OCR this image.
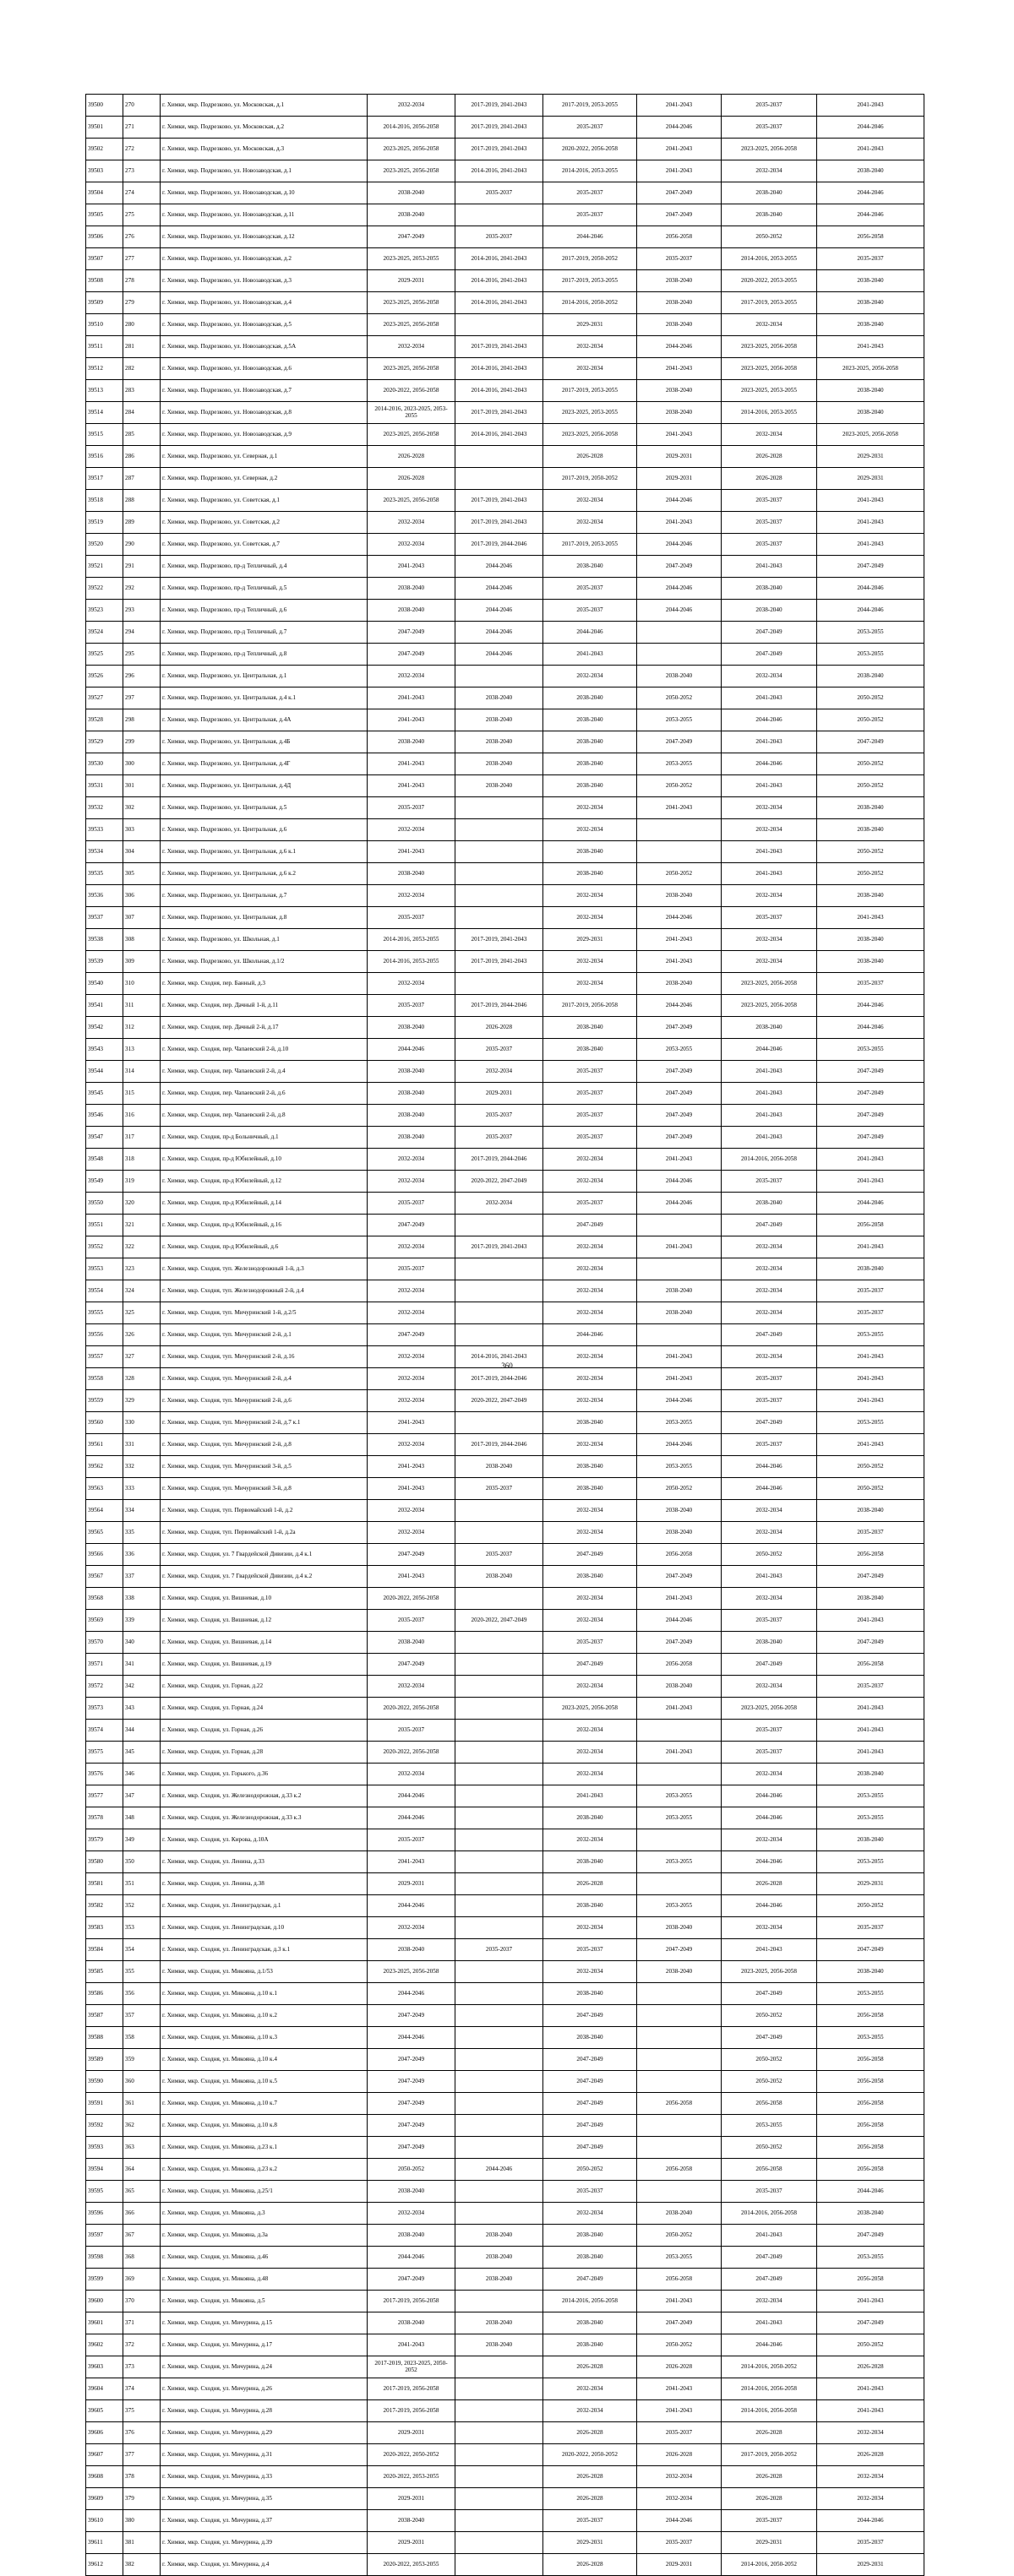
39500	270	г. Химки, мкр. Подрезково, ул. Московская, д.1	2032-2034	2017-2019, 2041-2043	2017-2019, 2053-2055	2041-2043	2035-2037	2041-2043
39501	271	г. Химки, мкр. Подрезково, ул. Московская, д.2	2014-2016, 2056-2058	2017-2019, 2041-2043	2035-2037	2044-2046	2035-2037	2044-2046
39502	272	г. Химки, мкр. Подрезково, ул. Московская, д.3	2023-2025, 2056-2058	2017-2019, 2041-2043	2020-2022, 2056-2058	2041-2043	2023-2025, 2056-2058	2041-2043
39503	273	г. Химки, мкр. Подрезково, ул. Новозаводская, д.1	2023-2025, 2056-2058	2014-2016, 2041-2043	2014-2016, 2053-2055	2041-2043	2032-2034	2038-2040
39504	274	г. Химки, мкр. Подрезково, ул. Новозаводская, д.10	2038-2040	2035-2037	2035-2037	2047-2049	2038-2040	2044-2046
39505	275	г. Химки, мкр. Подрезково, ул. Новозаводская, д.11	2038-2040		2035-2037	2047-2049	2038-2040	2044-2046
39506	276	г. Химки, мкр. Подрезково, ул. Новозаводская, д.12	2047-2049	2035-2037	2044-2046	2056-2058	2050-2052	2056-2058
39507	277	г. Химки, мкр. Подрезково, ул. Новозаводская, д.2	2023-2025, 2053-2055	2014-2016, 2041-2043	2017-2019, 2050-2052	2035-2037	2014-2016, 2053-2055	2035-2037
39508	278	г. Химки, мкр. Подрезково, ул. Новозаводская, д.3	2029-2031	2014-2016, 2041-2043	2017-2019, 2053-2055	2038-2040	2020-2022, 2053-2055	2038-2040
39509	279	г. Химки, мкр. Подрезково, ул. Новозаводская, д.4	2023-2025, 2056-2058	2014-2016, 2041-2043	2014-2016, 2050-2052	2038-2040	2017-2019, 2053-2055	2038-2040
39510	280	г. Химки, мкр. Подрезково, ул. Новозаводская, д.5	2023-2025, 2056-2058		2029-2031	2038-2040	2032-2034	2038-2040
39511	281	г. Химки, мкр. Подрезково, ул. Новозаводская, д.5А	2032-2034	2017-2019, 2041-2043	2032-2034	2044-2046	2023-2025, 2056-2058	2041-2043
39512	282	г. Химки, мкр. Подрезково, ул. Новозаводская, д.6	2023-2025, 2056-2058	2014-2016, 2041-2043	2032-2034	2041-2043	2023-2025, 2056-2058	2023-2025, 2056-2058
39513	283	г. Химки, мкр. Подрезково, ул. Новозаводская, д.7	2020-2022, 2056-2058	2014-2016, 2041-2043	2017-2019, 2053-2055	2038-2040	2023-2025, 2053-2055	2038-2040
39514	284	г. Химки, мкр. Подрезково, ул. Новозаводская, д.8	2014-2016, 2023-2025, 2053-2055	2017-2019, 2041-2043	2023-2025, 2053-2055	2038-2040	2014-2016, 2053-2055	2038-2040
39515	285	г. Химки, мкр. Подрезково, ул. Новозаводская, д.9	2023-2025, 2056-2058	2014-2016, 2041-2043	2023-2025, 2056-2058	2041-2043	2032-2034	2023-2025, 2056-2058
39516	286	г. Химки, мкр. Подрезково, ул. Северная, д.1	2026-2028		2026-2028	2029-2031	2026-2028	2029-2031
39517	287	г. Химки, мкр. Подрезково, ул. Северная, д.2	2026-2028		2017-2019, 2050-2052	2029-2031	2026-2028	2029-2031
39518	288	г. Химки, мкр. Подрезково, ул. Советская, д.1	2023-2025, 2056-2058	2017-2019, 2041-2043	2032-2034	2044-2046	2035-2037	2041-2043
39519	289	г. Химки, мкр. Подрезково, ул. Советская, д.2	2032-2034	2017-2019, 2041-2043	2032-2034	2041-2043	2035-2037	2041-2043
39520	290	г. Химки, мкр. Подрезково, ул. Советская, д.7	2032-2034	2017-2019, 2044-2046	2017-2019, 2053-2055	2044-2046	2035-2037	2041-2043
39521	291	г. Химки, мкр. Подрезково, пр-д Тепличный, д.4	2041-2043	2044-2046	2038-2040	2047-2049	2041-2043	2047-2049
39522	292	г. Химки, мкр. Подрезково, пр-д Тепличный, д.5	2038-2040	2044-2046	2035-2037	2044-2046	2038-2040	2044-2046
39523	293	г. Химки, мкр. Подрезково, пр-д Тепличный, д.6	2038-2040	2044-2046	2035-2037	2044-2046	2038-2040	2044-2046
39524	294	г. Химки, мкр. Подрезково, пр-д Тепличный, д.7	2047-2049	2044-2046	2044-2046		2047-2049	2053-2055
39525	295	г. Химки, мкр. Подрезково, пр-д Тепличный, д.8	2047-2049	2044-2046	2041-2043		2047-2049	2053-2055
39526	296	г. Химки, мкр. Подрезково, ул. Центральная, д.1	2032-2034		2032-2034	2038-2040	2032-2034	2038-2040
39527	297	г. Химки, мкр. Подрезково, ул. Центральная, д.4 к.1	2041-2043	2038-2040	2038-2040	2050-2052	2041-2043	2050-2052
39528	298	г. Химки, мкр. Подрезково, ул. Центральная, д.4А	2041-2043	2038-2040	2038-2040	2053-2055	2044-2046	2050-2052
39529	299	г. Химки, мкр. Подрезково, ул. Центральная, д.4Б	2038-2040	2038-2040	2038-2040	2047-2049	2041-2043	2047-2049
39530	300	г. Химки, мкр. Подрезково, ул. Центральная, д.4Г	2041-2043	2038-2040	2038-2040	2053-2055	2044-2046	2050-2052
39531	301	г. Химки, мкр. Подрезково, ул. Центральная, д.4Д	2041-2043	2038-2040	2038-2040	2050-2052	2041-2043	2050-2052
39532	302	г. Химки, мкр. Подрезково, ул. Центральная, д.5	2035-2037		2032-2034	2041-2043	2032-2034	2038-2040
39533	303	г. Химки, мкр. Подрезково, ул. Центральная, д.6	2032-2034		2032-2034		2032-2034	2038-2040
39534	304	г. Химки, мкр. Подрезково, ул. Центральная, д.6 к.1	2041-2043		2038-2040		2041-2043	2050-2052
39535	305	г. Химки, мкр. Подрезково, ул. Центральная, д.6 к.2	2038-2040		2038-2040	2050-2052	2041-2043	2050-2052
39536	306	г. Химки, мкр. Подрезково, ул. Центральная, д.7	2032-2034		2032-2034	2038-2040	2032-2034	2038-2040
39537	307	г. Химки, мкр. Подрезково, ул. Центральная, д.8	2035-2037		2032-2034	2044-2046	2035-2037	2041-2043
39538	308	г. Химки, мкр. Подрезково, ул. Школьная, д.1	2014-2016, 2053-2055	2017-2019, 2041-2043	2029-2031	2041-2043	2032-2034	2038-2040
39539	309	г. Химки, мкр. Подрезково, ул. Школьная, д.1/2	2014-2016, 2053-2055	2017-2019, 2041-2043	2032-2034	2041-2043	2032-2034	2038-2040
39540	310	г. Химки, мкр. Сходня, пер. Банный, д.3	2032-2034		2032-2034	2038-2040	2023-2025, 2056-2058	2035-2037
39541	311	г. Химки, мкр. Сходня, пер. Дачный 1-й, д.11	2035-2037	2017-2019, 2044-2046	2017-2019, 2056-2058	2044-2046	2023-2025, 2056-2058	2044-2046
39542	312	г. Химки, мкр. Сходня, пер. Дачный 2-й, д.17	2038-2040	2026-2028	2038-2040	2047-2049	2038-2040	2044-2046
39543	313	г. Химки, мкр. Сходня, пер. Чапаевский 2-й, д.10	2044-2046	2035-2037	2038-2040	2053-2055	2044-2046	2053-2055
39544	314	г. Химки, мкр. Сходня, пер. Чапаевский 2-й, д.4	2038-2040	2032-2034	2035-2037	2047-2049	2041-2043	2047-2049
39545	315	г. Химки, мкр. Сходня, пер. Чапаевский 2-й, д.6	2038-2040	2029-2031	2035-2037	2047-2049	2041-2043	2047-2049
39546	316	г. Химки, мкр. Сходня, пер. Чапаевский 2-й, д.8	2038-2040	2035-2037	2035-2037	2047-2049	2041-2043	2047-2049
39547	317	г. Химки, мкр. Сходня, пр-д Больничный, д.1	2038-2040	2035-2037	2035-2037	2047-2049	2041-2043	2047-2049
39548	318	г. Химки, мкр. Сходня, пр-д Юбилейный, д.10	2032-2034	2017-2019, 2044-2046	2032-2034	2041-2043	2014-2016, 2056-2058	2041-2043
39549	319	г. Химки, мкр. Сходня, пр-д Юбилейный, д.12	2032-2034	2020-2022, 2047-2049	2032-2034	2044-2046	2035-2037	2041-2043
39550	320	г. Химки, мкр. Сходня, пр-д Юбилейный, д.14	2035-2037	2032-2034	2035-2037	2044-2046	2038-2040	2044-2046
39551	321	г. Химки, мкр. Сходня, пр-д Юбилейный, д.16	2047-2049		2047-2049		2047-2049	2056-2058
39552	322	г. Химки, мкр. Сходня, пр-д Юбилейный, д.6	2032-2034	2017-2019, 2041-2043	2032-2034	2041-2043	2032-2034	2041-2043
39553	323	г. Химки, мкр. Сходня, туп. Железнодорожный 1-й, д.3	2035-2037		2032-2034		2032-2034	2038-2040
39554	324	г. Химки, мкр. Сходня, туп. Железнодорожный 2-й, д.4	2032-2034		2032-2034	2038-2040	2032-2034	2035-2037
39555	325	г. Химки, мкр. Сходня, туп. Мичуринский 1-й, д.2/5	2032-2034		2032-2034	2038-2040	2032-2034	2035-2037
39556	326	г. Химки, мкр. Сходня, туп. Мичуринский 2-й, д.1	2047-2049		2044-2046		2047-2049	2053-2055
39557	327	г. Химки, мкр. Сходня, туп. Мичуринский 2-й, д.16	2032-2034	2014-2016, 2041-2043	2032-2034	2041-2043	2032-2034	2041-2043
39558	328	г. Химки, мкр. Сходня, туп. Мичуринский 2-й, д.4	2032-2034	2017-2019, 2044-2046	2032-2034	2041-2043	2035-2037	2041-2043
39559	329	г. Химки, мкр. Сходня, туп. Мичуринский 2-й, д.6	2032-2034	2020-2022, 2047-2049	2032-2034	2044-2046	2035-2037	2041-2043
39560	330	г. Химки, мкр. Сходня, туп. Мичуринский 2-й, д.7 к.1	2041-2043		2038-2040	2053-2055	2047-2049	2053-2055
39561	331	г. Химки, мкр. Сходня, туп. Мичуринский 2-й, д.8	2032-2034	2017-2019, 2044-2046	2032-2034	2044-2046	2035-2037	2041-2043
39562	332	г. Химки, мкр. Сходня, туп. Мичуринский 3-й, д.5	2041-2043	2038-2040	2038-2040	2053-2055	2044-2046	2050-2052
39563	333	г. Химки, мкр. Сходня, туп. Мичуринский 3-й, д.8	2041-2043	2035-2037	2038-2040	2050-2052	2044-2046	2050-2052
39564	334	г. Химки, мкр. Сходня, туп. Первомайский 1-й, д.2	2032-2034		2032-2034	2038-2040	2032-2034	2038-2040
39565	335	г. Химки, мкр. Сходня, туп. Первомайский 1-й, д.2а	2032-2034		2032-2034	2038-2040	2032-2034	2035-2037
39566	336	г. Химки, мкр. Сходня, ул. 7 Гвардейской Дивизии, д.4 к.1	2047-2049	2035-2037	2047-2049	2056-2058	2050-2052	2056-2058
39567	337	г. Химки, мкр. Сходня, ул. 7 Гвардейской Дивизии, д.4 к.2	2041-2043	2038-2040	2038-2040	2047-2049	2041-2043	2047-2049
39568	338	г. Химки, мкр. Сходня, ул. Вишневая, д.10	2020-2022, 2056-2058		2032-2034	2041-2043	2032-2034	2038-2040
39569	339	г. Химки, мкр. Сходня, ул. Вишневая, д.12	2035-2037	2020-2022, 2047-2049	2032-2034	2044-2046	2035-2037	2041-2043
39570	340	г. Химки, мкр. Сходня, ул. Вишневая, д.14	2038-2040		2035-2037	2047-2049	2038-2040	2047-2049
39571	341	г. Химки, мкр. Сходня, ул. Вишневая, д.19	2047-2049		2047-2049	2056-2058	2047-2049	2056-2058
39572	342	г. Химки, мкр. Сходня, ул. Горная, д.22	2032-2034		2032-2034	2038-2040	2032-2034	2035-2037
39573	343	г. Химки, мкр. Сходня, ул. Горная, д.24	2020-2022, 2056-2058		2023-2025, 2056-2058	2041-2043	2023-2025, 2056-2058	2041-2043
39574	344	г. Химки, мкр. Сходня, ул. Горная, д.26	2035-2037		2032-2034		2035-2037	2041-2043
39575	345	г. Химки, мкр. Сходня, ул. Горная, д.28	2020-2022, 2056-2058		2032-2034	2041-2043	2035-2037	2041-2043
39576	346	г. Химки, мкр. Сходня, ул. Горького, д.36	2032-2034		2032-2034		2032-2034	2038-2040
39577	347	г. Химки, мкр. Сходня, ул. Железнодорожная, д.33 к.2	2044-2046		2041-2043	2053-2055	2044-2046	2053-2055
39578	348	г. Химки, мкр. Сходня, ул. Железнодорожная, д.33 к.3	2044-2046		2038-2040	2053-2055	2044-2046	2053-2055
39579	349	г. Химки, мкр. Сходня, ул. Кирова, д.10А	2035-2037		2032-2034		2032-2034	2038-2040
39580	350	г. Химки, мкр. Сходня, ул. Ленина, д.33	2041-2043		2038-2040	2053-2055	2044-2046	2053-2055
39581	351	г. Химки, мкр. Сходня, ул. Ленина, д.38	2029-2031		2026-2028		2026-2028	2029-2031
39582	352	г. Химки, мкр. Сходня, ул. Ленинградская, д.1	2044-2046		2038-2040	2053-2055	2044-2046	2050-2052
39583	353	г. Химки, мкр. Сходня, ул. Ленинградская, д.10	2032-2034		2032-2034	2038-2040	2032-2034	2035-2037
39584	354	г. Химки, мкр. Сходня, ул. Ленинградская, д.3 к.1	2038-2040	2035-2037	2035-2037	2047-2049	2041-2043	2047-2049
39585	355	г. Химки, мкр. Сходня, ул. Микояна, д.1/53	2023-2025, 2056-2058		2032-2034	2038-2040	2023-2025, 2056-2058	2038-2040
39586	356	г. Химки, мкр. Сходня, ул. Микояна, д.10 к.1	2044-2046		2038-2040		2047-2049	2053-2055
39587	357	г. Химки, мкр. Сходня, ул. Микояна, д.10 к.2	2047-2049		2047-2049		2050-2052	2056-2058
39588	358	г. Химки, мкр. Сходня, ул. Микояна, д.10 к.3	2044-2046		2038-2040		2047-2049	2053-2055
39589	359	г. Химки, мкр. Сходня, ул. Микояна, д.10 к.4	2047-2049		2047-2049		2050-2052	2056-2058
39590	360	г. Химки, мкр. Сходня, ул. Микояна, д.10 к.5	2047-2049		2047-2049		2050-2052	2056-2058
39591	361	г. Химки, мкр. Сходня, ул. Микояна, д.10 к.7	2047-2049		2047-2049	2056-2058	2056-2058	2056-2058
39592	362	г. Химки, мкр. Сходня, ул. Микояна, д.10 к.8	2047-2049		2047-2049		2053-2055	2056-2058
39593	363	г. Химки, мкр. Сходня, ул. Микояна, д.23 к.1	2047-2049		2047-2049		2050-2052	2056-2058
39594	364	г. Химки, мкр. Сходня, ул. Микояна, д.23 к.2	2050-2052	2044-2046	2050-2052	2056-2058	2056-2058	2056-2058
39595	365	г. Химки, мкр. Сходня, ул. Микояна, д.25/1	2038-2040		2035-2037		2035-2037	2044-2046
39596	366	г. Химки, мкр. Сходня, ул. Микояна, д.3	2032-2034		2032-2034	2038-2040	2014-2016, 2056-2058	2038-2040
39597	367	г. Химки, мкр. Сходня, ул. Микояна, д.3а	2038-2040	2038-2040	2038-2040	2050-2052	2041-2043	2047-2049
39598	368	г. Химки, мкр. Сходня, ул. Микояна, д.46	2044-2046	2038-2040	2038-2040	2053-2055	2047-2049	2053-2055
39599	369	г. Химки, мкр. Сходня, ул. Микояна, д.48	2047-2049	2038-2040	2047-2049	2056-2058	2047-2049	2056-2058
39600	370	г. Химки, мкр. Сходня, ул. Микояна, д.5	2017-2019, 2056-2058		2014-2016, 2056-2058	2041-2043	2032-2034	2041-2043
39601	371	г. Химки, мкр. Сходня, ул. Мичурина, д.15	2038-2040	2038-2040	2038-2040	2047-2049	2041-2043	2047-2049
39602	372	г. Химки, мкр. Сходня, ул. Мичурина, д.17	2041-2043	2038-2040	2038-2040	2050-2052	2044-2046	2050-2052
39603	373	г. Химки, мкр. Сходня, ул. Мичурина, д.24	2017-2019, 2023-2025, 2050-2052		2026-2028	2026-2028	2014-2016, 2050-2052	2026-2028
39604	374	г. Химки, мкр. Сходня, ул. Мичурина, д.26	2017-2019, 2056-2058		2032-2034	2041-2043	2014-2016, 2056-2058	2041-2043
39605	375	г. Химки, мкр. Сходня, ул. Мичурина, д.28	2017-2019, 2056-2058		2032-2034	2041-2043	2014-2016, 2056-2058	2041-2043
39606	376	г. Химки, мкр. Сходня, ул. Мичурина, д.29	2029-2031		2026-2028	2035-2037	2026-2028	2032-2034
39607	377	г. Химки, мкр. Сходня, ул. Мичурина, д.31	2020-2022, 2050-2052		2020-2022, 2050-2052	2026-2028	2017-2019, 2050-2052	2026-2028
39608	378	г. Химки, мкр. Сходня, ул. Мичурина, д.33	2020-2022, 2053-2055		2026-2028	2032-2034	2026-2028	2032-2034
39609	379	г. Химки, мкр. Сходня, ул. Мичурина, д.35	2029-2031		2026-2028	2032-2034	2026-2028	2032-2034
39610	380	г. Химки, мкр. Сходня, ул. Мичурина, д.37	2038-2040		2035-2037	2044-2046	2035-2037	2044-2046
39611	381	г. Химки, мкр. Сходня, ул. Мичурина, д.39	2029-2031		2029-2031	2035-2037	2029-2031	2035-2037
39612	382	г. Химки, мкр. Сходня, ул. Мичурина, д.4	2020-2022, 2053-2055		2026-2028	2029-2031	2014-2016, 2050-2052	2029-2031
360
